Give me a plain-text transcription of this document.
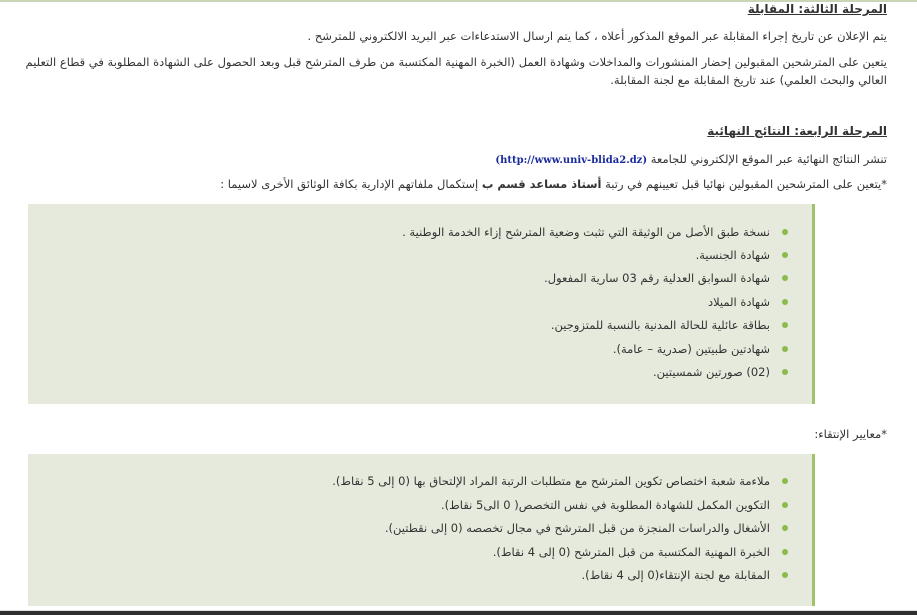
المرحلة الثالثة: المقابلة
يتم الإعلان عن تاريخ إجراء المقابلة عبر الموقع المذكور أعلاه ، كما يتم ارسال الاستدعاءات عبر البريد الالكتروني للمترشح .
يتعين على المترشحين المقبولين إحضار المنشورات والمداخلات وشهادة العمل (الخبرة المهنية المكتسبة من طرف المترشح قبل وبعد الحصول على الشهادة المطلوبة في قطاع التعليم
العالي والبحث العلمي) عند تاريخ المقابلة مع لجنة المقابلة.
المرحلة الرابعة: النتائج النهائية
تنشر النتائج النهائية عبر الموقع الإلكتروني للجامعة (http://www.univ-blida2.dz)
*يتعين على المترشحين المقبولين نهائيا قبل تعيينهم في رتبة أستاذ مساعد قسم ب إستكمال ملفاتهم الإدارية بكافة الوثائق الأخرى لاسيما :
نسخة طبق الأصل من الوثيقة التي تثبت وضعية المترشح إزاء الخدمة الوطنية .
شهادة الجنسية.
شهادة السوابق العدلية رقم 03 سارية المفعول.
شهادة الميلاد
بطاقة عائلية للحالة المدنية بالنسبة للمتزوجين.
شهادتين طبيتين (صدرية – عامة).
(02) صورتين شمسيتين.
*معايير الإنتقاء:
ملاءمة شعبة اختصاص تكوين المترشح مع متطلبات الرتبة المراد الإلتحاق بها (0 إلى 5 نقاط).
التكوين المكمل للشهادة المطلوبة في نفس التخصص( 0 الى5 نقاط).
الأشغال والدراسات المنجزة من قبل المترشح في مجال تخصصه (0 إلى نقطتين).
الخبرة المهنية المكتسبة من قبل المترشح (0 إلى 4 نقاط).
المقابلة مع لجنة الإنتقاء(0 إلى 4 نقاط).
